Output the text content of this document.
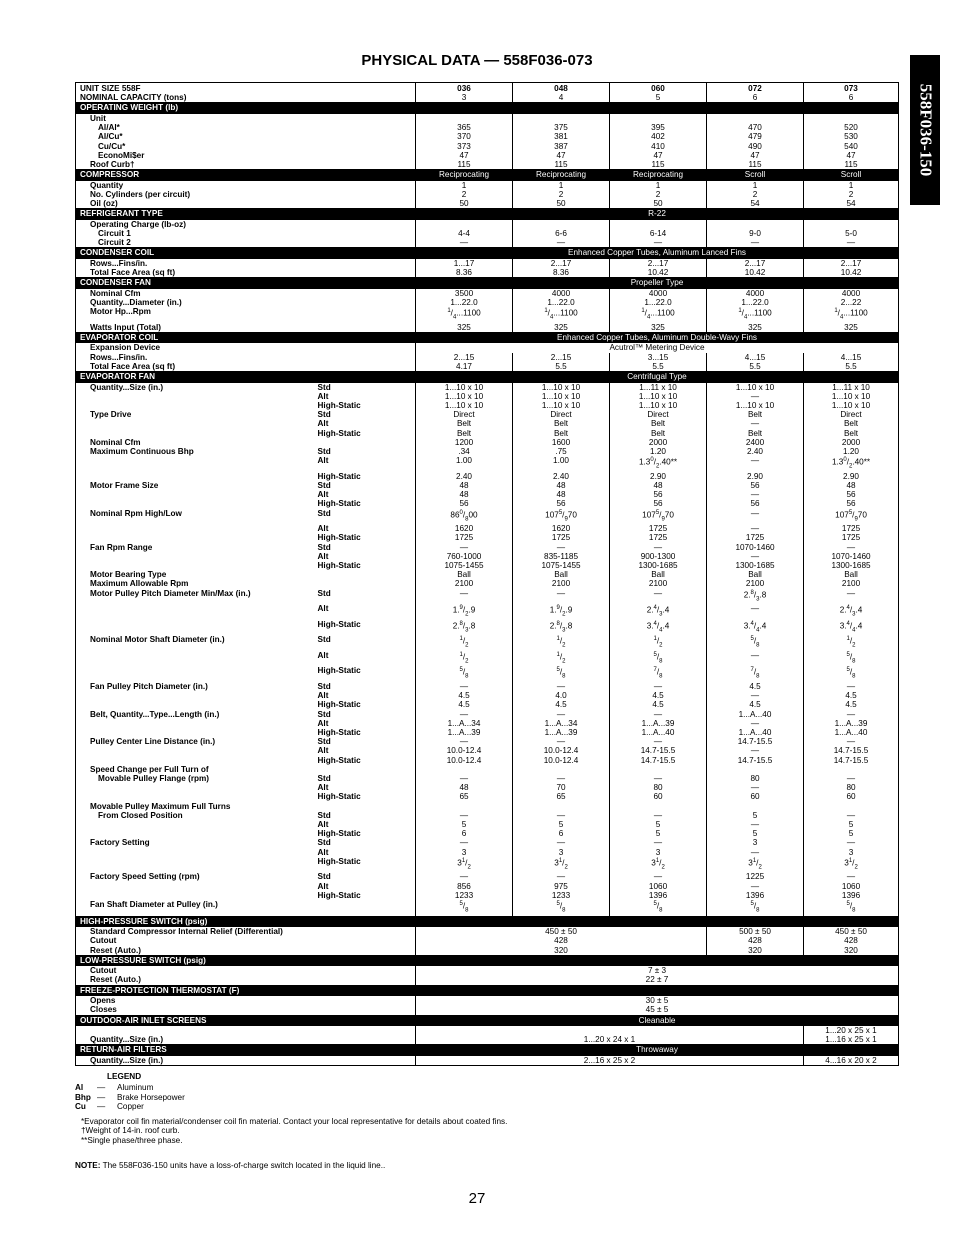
PHYSICAL DATA — 558F036-073
558F036-150
UNIT SIZE 558F		036	048	060	072	073
NOMINAL CAPACITY (tons)		3	4	5	6	6
OPERATING WEIGHT (lb)						
Unit						
Al/Al*		365	375	395	470	520
Al/Cu*		370	381	402	479	530
Cu/Cu*		373	387	410	490	540
EconoMi$er		47	47	47	47	47
Roof Curb†		115	115	115	115	115
COMPRESSOR		Reciprocating	Reciprocating	Reciprocating	Scroll	Scroll
Quantity		1	1	1	1	1
No. Cylinders (per circuit)		2	2	2	2	2
Oil (oz)		50	50	50	54	54
REFRIGERANT TYPE		R-22				
Operating Charge (lb-oz)						
Circuit 1		4-4	6-6	6-14	9-0	5-0
Circuit 2		—	—	—	—	—
CONDENSER COIL		Enhanced Copper Tubes, Aluminum Lanced Fins				
Rows...Fins/in.		1...17	2...17	2...17	2...17	2...17
Total Face Area (sq ft)		8.36	8.36	10.42	10.42	10.42
CONDENSER FAN		Propeller Type				
Nominal Cfm		3500	4000	4000	4000	4000
Quantity...Diameter (in.)		1...22.0	1...22.0	1...22.0	1...22.0	2...22
Motor Hp...Rpm		$^1/_4...1100$	$^1/_4...1100$	$^1/_4...1100$	$^1/_4...1100$	$^1/_4...1100$
Watts Input (Total)		325	325	325	325	325
EVAPORATOR COIL		Enhanced Copper Tubes, Aluminum Double-Wavy Fins				
Expansion Device		Acutrol™ Metering Device				
Rows...Fins/in.		2...15	2...15	3...15	4...15	4...15
Total Face Area (sq ft)		4.17	5.5	5.5	5.5	5.5
EVAPORATOR FAN		Centrifugal Type				
Quantity...Size (in.)	Std	1...10 x 10	1...10 x 10	1...11 x 10	1...10 x 10	1...11 x 10
	Alt	1...10 x 10	1...10 x 10	1...10 x 10	—	1...10 x 10
	High-Static	1...10 x 10	1...10 x 10	1...10 x 10	1...10 x 10	1...10 x 10
Type Drive	Std	Direct	Direct	Direct	Belt	Direct
	Alt	Belt	Belt	Belt	—	Belt
	High-Static	Belt	Belt	Belt	Belt	Belt
Nominal Cfm		1200	1600	2000	2400	2000
Maximum Continuous Bhp	Std	.34	.75	1.20	2.40	1.20
	Alt	1.00	1.00	$1.3^0/_2.40**$	—	$1.3^0/_2.40**$
	High-Static	2.40	2.40	2.90	2.90	2.90
Motor Frame Size	Std	48	48	48	56	48
	Alt	48	48	56	—	56
	High-Static	56	56	56	56	56
Nominal Rpm High/Low	Std	$86^0/_800$	$107^5/_970$	$107^5/_970$	—	$107^5/_970$
	Alt	1620	1620	1725	—	1725
	High-Static	1725	1725	1725	1725	1725
Fan Rpm Range	Std	—	—	—	1070-1460	—
	Alt	760-1000	835-1185	900-1300	—	1070-1460
	High-Static	1075-1455	1075-1455	1300-1685	1300-1685	1300-1685
Motor Bearing Type		Ball	Ball	Ball	Ball	Ball
Maximum Allowable Rpm		2100	2100	2100	2100	2100
Motor Pulley Pitch Diameter Min/Max (in.)	Std	—	—	—	$2.^8/_3.8$	—
	Alt	$1.^9/_2.9$	$1.^9/_2.9$	$2.^4/_3.4$	—	$2.^4/_3.4$
	High-Static	$2.^8/_3.8$	$2.^8/_3.8$	$3.^4/_4.4$	$3.^4/_4.4$	$3.^4/_4.4$
Nominal Motor Shaft Diameter (in.)	Std	$^1/_2$	$^1/_2$	$^1/_2$	$^5/_8$	$^1/_2$
	Alt	$^1/_2$	$^1/_2$	$^5/_8$	—	$^5/_8$
	High-Static	$^5/_8$	$^5/_8$	$^7/_8$	$^7/_8$	$^5/_8$
Fan Pulley Pitch Diameter (in.)	Std	—	—	—	4.5	—
	Alt	4.5	4.0	4.5	—	4.5
	High-Static	4.5	4.5	4.5	4.5	4.5
Belt, Quantity...Type...Length (in.)	Std	—	—	—	1...A...40	—
	Alt	1...A...34	1...A...34	1...A...39	—	1...A...39
	High-Static	1...A...39	1...A...39	1...A...40	1...A...40	1...A...40
Pulley Center Line Distance (in.)	Std	—	—	—	14.7-15.5	—
	Alt	10.0-12.4	10.0-12.4	14.7-15.5	—	14.7-15.5
	High-Static	10.0-12.4	10.0-12.4	14.7-15.5	14.7-15.5	14.7-15.5
Speed Change per Full Turn of						
Movable Pulley Flange (rpm)	Std	—	—	—	80	—
	Alt	48	70	80	—	80
	High-Static	65	65	60	60	60
Movable Pulley Maximum Full Turns						
From Closed Position	Std	—	—	—	5	—
	Alt	5	5	5	—	5
	High-Static	6	6	5	5	5
Factory Setting	Std	—	—	—	3	—
	Alt	3	3	3	—	3
	High-Static	$3^1/_2$	$3^1/_2$	$3^1/_2$	$3^1/_2$	$3^1/_2$
Factory Speed Setting (rpm)	Std	—	—	—	1225	—
	Alt	856	975	1060	—	1060
	High-Static	1233	1233	1396	1396	1396
Fan Shaft Diameter at Pulley (in.)		$^5/_8$	$^5/_8$	$^5/_8$	$^5/_8$	$^5/_8$
HIGH-PRESSURE SWITCH (psig)						
Standard Compressor Internal Relief (Differential)		450 ± 50			500 ± 50	450 ± 50
Cutout		428			428	428
Reset (Auto.)		320			320	320
LOW-PRESSURE SWITCH (psig)						
Cutout		7 ± 3				
Reset (Auto.)		22 ± 7				
FREEZE-PROTECTION THERMOSTAT (F)						
Opens		30 ± 5				
Closes		45 ± 5				
OUTDOOR-AIR INLET SCREENS		Cleanable				
						1...20 x 25 x 1
Quantity...Size (in.)		1...20 x 24 x 1				1...16 x 25 x 1
RETURN-AIR FILTERS		Throwaway				
Quantity...Size (in.)		2...16 x 25 x 2				4...16 x 20 x 2
LEGEND
Al	—	Aluminum
Bhp —	Brake Horsepower
Cu	—	Copper
*Evaporator coil fin material/condenser coil fin material. Contact your local representative for details about coated fins.
†Weight of 14-in. roof curb.
**Single phase/three phase.
NOTE: The 558F036-150 units have a loss-of-charge switch located in the liquid line..
27
